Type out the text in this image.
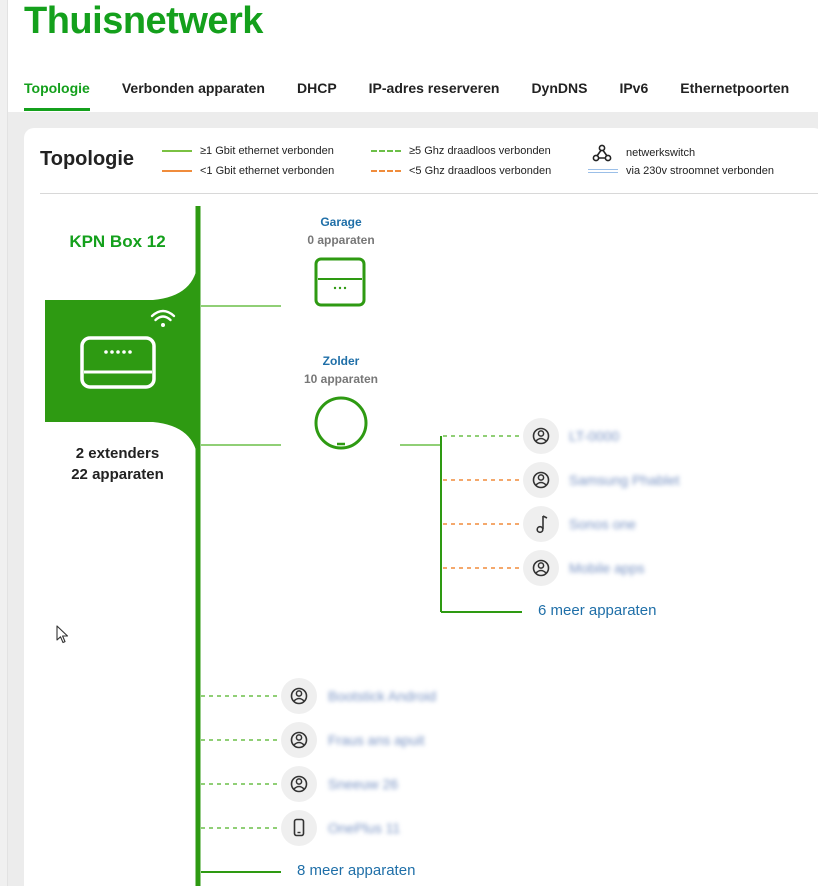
Thuisnetwerk
Topologie Verbonden apparaten DHCP IP-adres reserveren DynDNS IPv6 Ethernetpoorten
Topologie	≥1 Gbit ethernet verbonden
<1 Gbit ethernet verbonden
≥5 Ghz draadloos verbonden
<5 Ghz draadloos verbonden
netwerkswitch
via 230v stroomnet verbonden
KPN Box 12
2 extenders
22 apparaten
Garage
0 apparaten
Zolder
10 apparaten
LT-0000
Samsung Phablet
Sonos one
Mobile apps
6 meer apparaten
Bootstick Android
Fraus ans apuit
Sneeuw 26
OnePlus 11
8 meer apparaten
